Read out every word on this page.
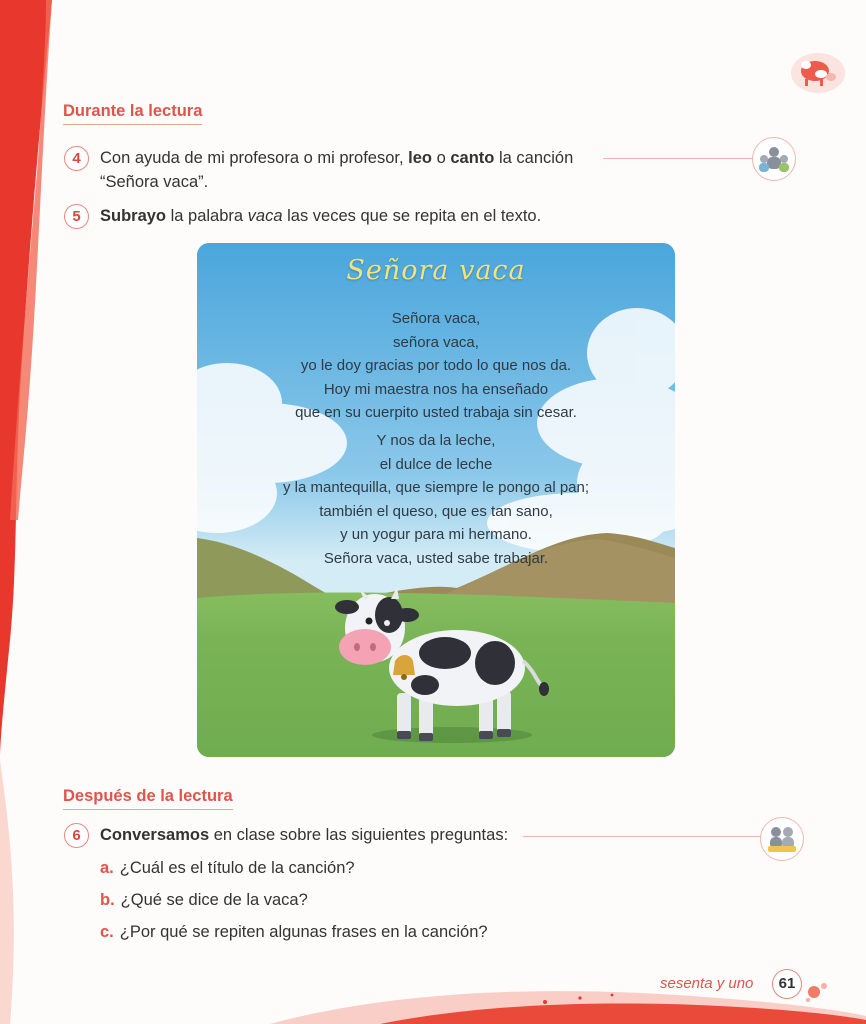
Durante la lectura
4	Con ayuda de mi profesora o mi profesor, leo o canto la canción
“Señora vaca”.
5	Subrayo la palabra vaca las veces que se repita en el texto.
Señora vaca
Señora vaca,
señora vaca,
yo le doy gracias por todo lo que nos da.
Hoy mi maestra nos ha enseñado
que en su cuerpito usted trabaja sin cesar.
Y nos da la leche,
el dulce de leche
y la mantequilla, que siempre le pongo al pan;
también el queso, que es tan sano,
y un yogur para mi hermano.
Señora vaca, usted sabe trabajar.
Después de la lectura
6	Conversamos en clase sobre las siguientes preguntas:
a. ¿Cuál es el título de la canción?
b. ¿Qué se dice de la vaca?
c. ¿Por qué se repiten algunas frases en la canción?
sesenta y uno	61
